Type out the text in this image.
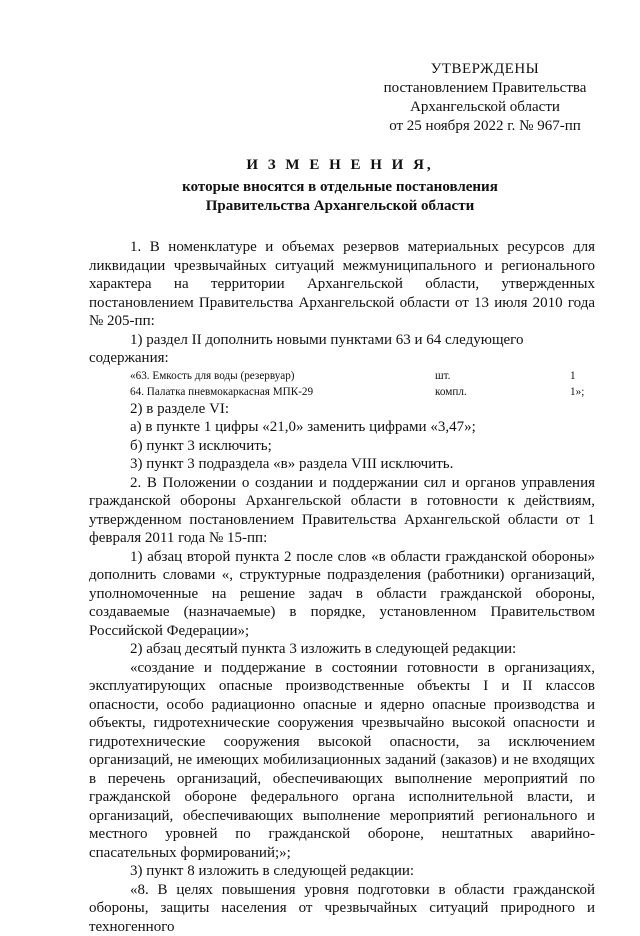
УТВЕРЖДЕНЫ
постановлением Правительства
Архангельской области
от 25 ноября 2022 г. № 967-пп
И З М Е Н Е Н И Я,
которые вносятся в отдельные постановления
Правительства Архангельской области

1. В номенклатуре и объемах резервов материальных ресурсов для ликвидации чрезвычайных ситуаций межмуниципального и регионального характера на территории Архангельской области, утвержденных постановлением Правительства Архангельской области от 13 июля 2010 года № 205-пп:

1) раздел II дополнить новыми пунктами 63 и 64 следующего содержания:

«63. Емкость для воды (резервуар)	шт.	1
64. Палатка пневмокаркасная МПК-29	компл.	1»;

2) в разделе VI:

а) в пункте 1 цифры «21,0» заменить цифрами «3,47»;

б) пункт 3 исключить;

3) пункт 3 подраздела «в» раздела VIII исключить.

2. В Положении о создании и поддержании сил и органов управления гражданской обороны Архангельской области в готовности к действиям, утвержденном постановлением Правительства Архангельской области от 1 февраля 2011 года № 15-пп:

1) абзац второй пункта 2 после слов «в области гражданской обороны» дополнить словами «, структурные подразделения (работники) организаций, уполномоченные на решение задач в области гражданской обороны, создаваемые (назначаемые) в порядке, установленном Правительством Российской Федерации»;

2) абзац десятый пункта 3 изложить в следующей редакции:

«создание и поддержание в состоянии готовности в организациях, эксплуатирующих опасные производственные объекты I и II классов опасности, особо радиационно опасные и ядерно опасные производства и объекты, гидротехнические сооружения чрезвычайно высокой опасности и гидротехнические сооружения высокой опасности, за исключением организаций, не имеющих мобилизационных заданий (заказов) и не входящих в перечень организаций, обеспечивающих выполнение мероприятий по гражданской обороне федерального органа исполнительной власти, и организаций, обеспечивающих выполнение мероприятий регионального и местного уровней по гражданской обороне, нештатных аварийно-спасательных формирований;»;

3) пункт 8 изложить в следующей редакции:

«8. В целях повышения уровня подготовки в области гражданской обороны, защиты населения от чрезвычайных ситуаций природного и техногенного
